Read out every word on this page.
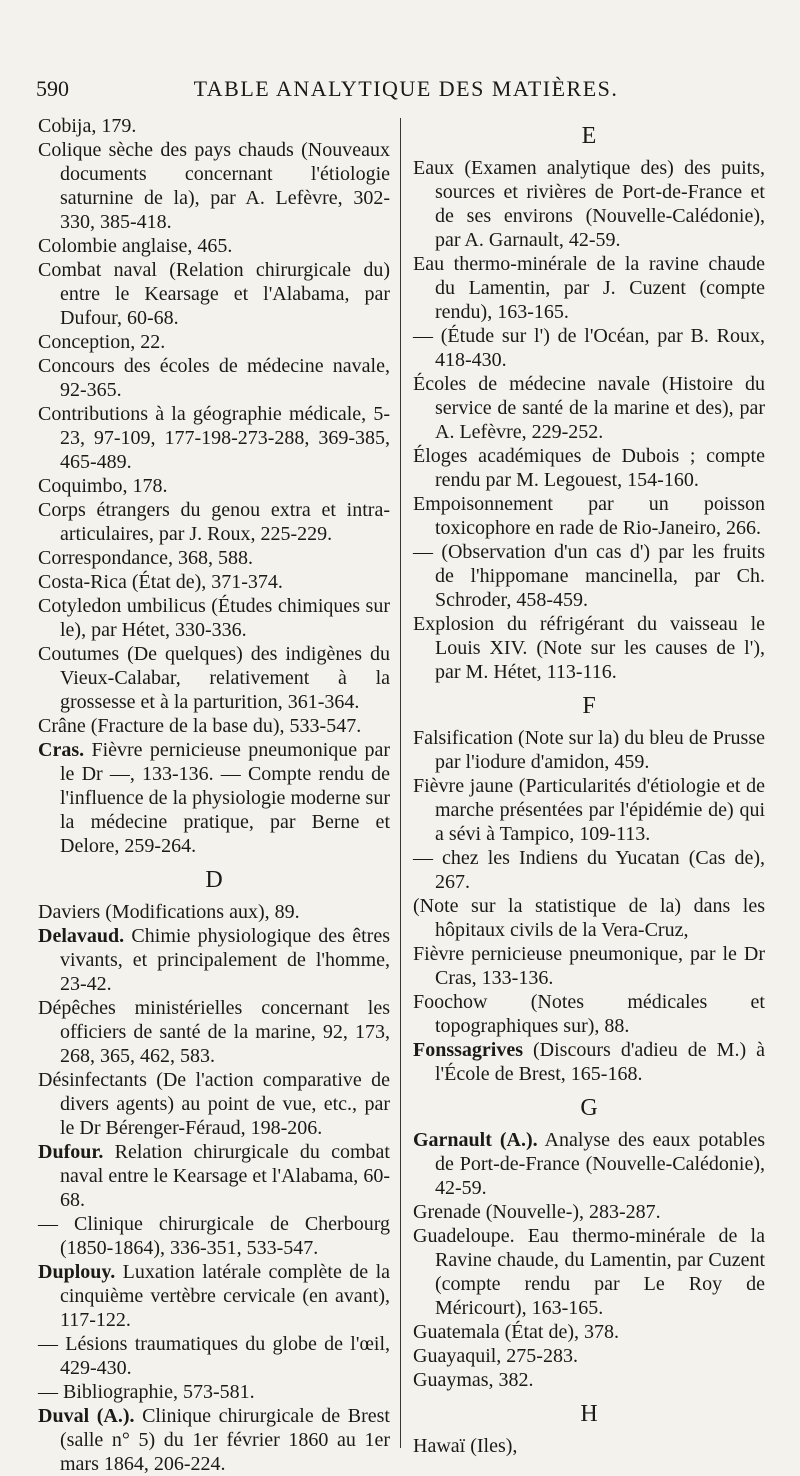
590	TABLE ANALYTIQUE DES MATIÈRES.
Cobija, 179.
Colique sèche des pays chauds (Nouveaux documents concernant l'étiologie saturnine de la), par A. Lefèvre, 302-330, 385-418.
Colombie anglaise, 465.
Combat naval (Relation chirurgicale du) entre le Kearsage et l'Alabama, par Dufour, 60-68.
Conception, 22.
Concours des écoles de médecine navale, 92-365.
Contributions à la géographie médicale, 5-23, 97-109, 177-198-273-288, 369-385, 465-489.
Coquimbo, 178.
Corps étrangers du genou extra et intra-articulaires, par J. Roux, 225-229.
Correspondance, 368, 588.
Costa-Rica (État de), 371-374.
Cotyledon umbilicus (Études chimiques sur le), par Hétet, 330-336.
Coutumes (De quelques) des indigènes du Vieux-Calabar, relativement à la grossesse et à la parturition, 361-364.
Crâne (Fracture de la base du), 533-547.
Cras. Fièvre pernicieuse pneumonique par le Dr —, 133-136. — Compte rendu de l'influence de la physiologie moderne sur la médecine pratique, par Berne et Delore, 259-264.
D
Daviers (Modifications aux), 89.
Delavaud. Chimie physiologique des êtres vivants, et principalement de l'homme, 23-42.
Dépêches ministérielles concernant les officiers de santé de la marine, 92, 173, 268, 365, 462, 583.
Désinfectants (De l'action comparative de divers agents) au point de vue, etc., par le Dr Bérenger-Féraud, 198-206.
Dufour. Relation chirurgicale du combat naval entre le Kearsage et l'Alabama, 60-68.
— Clinique chirurgicale de Cherbourg (1850-1864), 336-351, 533-547.
Duplouy. Luxation latérale complète de la cinquième vertèbre cervicale (en avant), 117-122.
— Lésions traumatiques du globe de l'œil, 429-430.
— Bibliographie, 573-581.
Duval (A.). Clinique chirurgicale de Brest (salle n° 5) du 1er février 1860 au 1er mars 1864, 206-224.
E
Eaux (Examen analytique des) des puits, sources et rivières de Port-de-France et de ses environs (Nouvelle-Calédonie), par A. Garnault, 42-59.
Eau thermo-minérale de la ravine chaude du Lamentin, par J. Cuzent (compte rendu), 163-165.
— (Étude sur l') de l'Océan, par B. Roux, 418-430.
Écoles de médecine navale (Histoire du service de santé de la marine et des), par A. Lefèvre, 229-252.
Éloges académiques de Dubois ; compte rendu par M. Legouest, 154-160.
Empoisonnement par un poisson toxicophore en rade de Rio-Janeiro, 266.
— (Observation d'un cas d') par les fruits de l'hippomane mancinella, par Ch. Schroder, 458-459.
Explosion du réfrigérant du vaisseau le Louis XIV. (Note sur les causes de l'), par M. Hétet, 113-116.
F
Falsification (Note sur la) du bleu de Prusse par l'iodure d'amidon, 459.
Fièvre jaune (Particularités d'étiologie et de marche présentées par l'épidémie de) qui a sévi à Tampico, 109-113.
— chez les Indiens du Yucatan (Cas de), 267.
(Note sur la statistique de la) dans les hôpitaux civils de la Vera-Cruz,
Fièvre pernicieuse pneumonique, par le Dr Cras, 133-136.
Foochow (Notes médicales et topographiques sur), 88.
Fonssagrives (Discours d'adieu de M.) à l'École de Brest, 165-168.
G
Garnault (A.). Analyse des eaux potables de Port-de-France (Nouvelle-Calédonie), 42-59.
Grenade (Nouvelle-), 283-287.
Guadeloupe. Eau thermo-minérale de la Ravine chaude, du Lamentin, par Cuzent (compte rendu par Le Roy de Méricourt), 163-165.
Guatemala (État de), 378.
Guayaquil, 275-283.
Guaymas, 382.
H
Hawaï (Iles),
